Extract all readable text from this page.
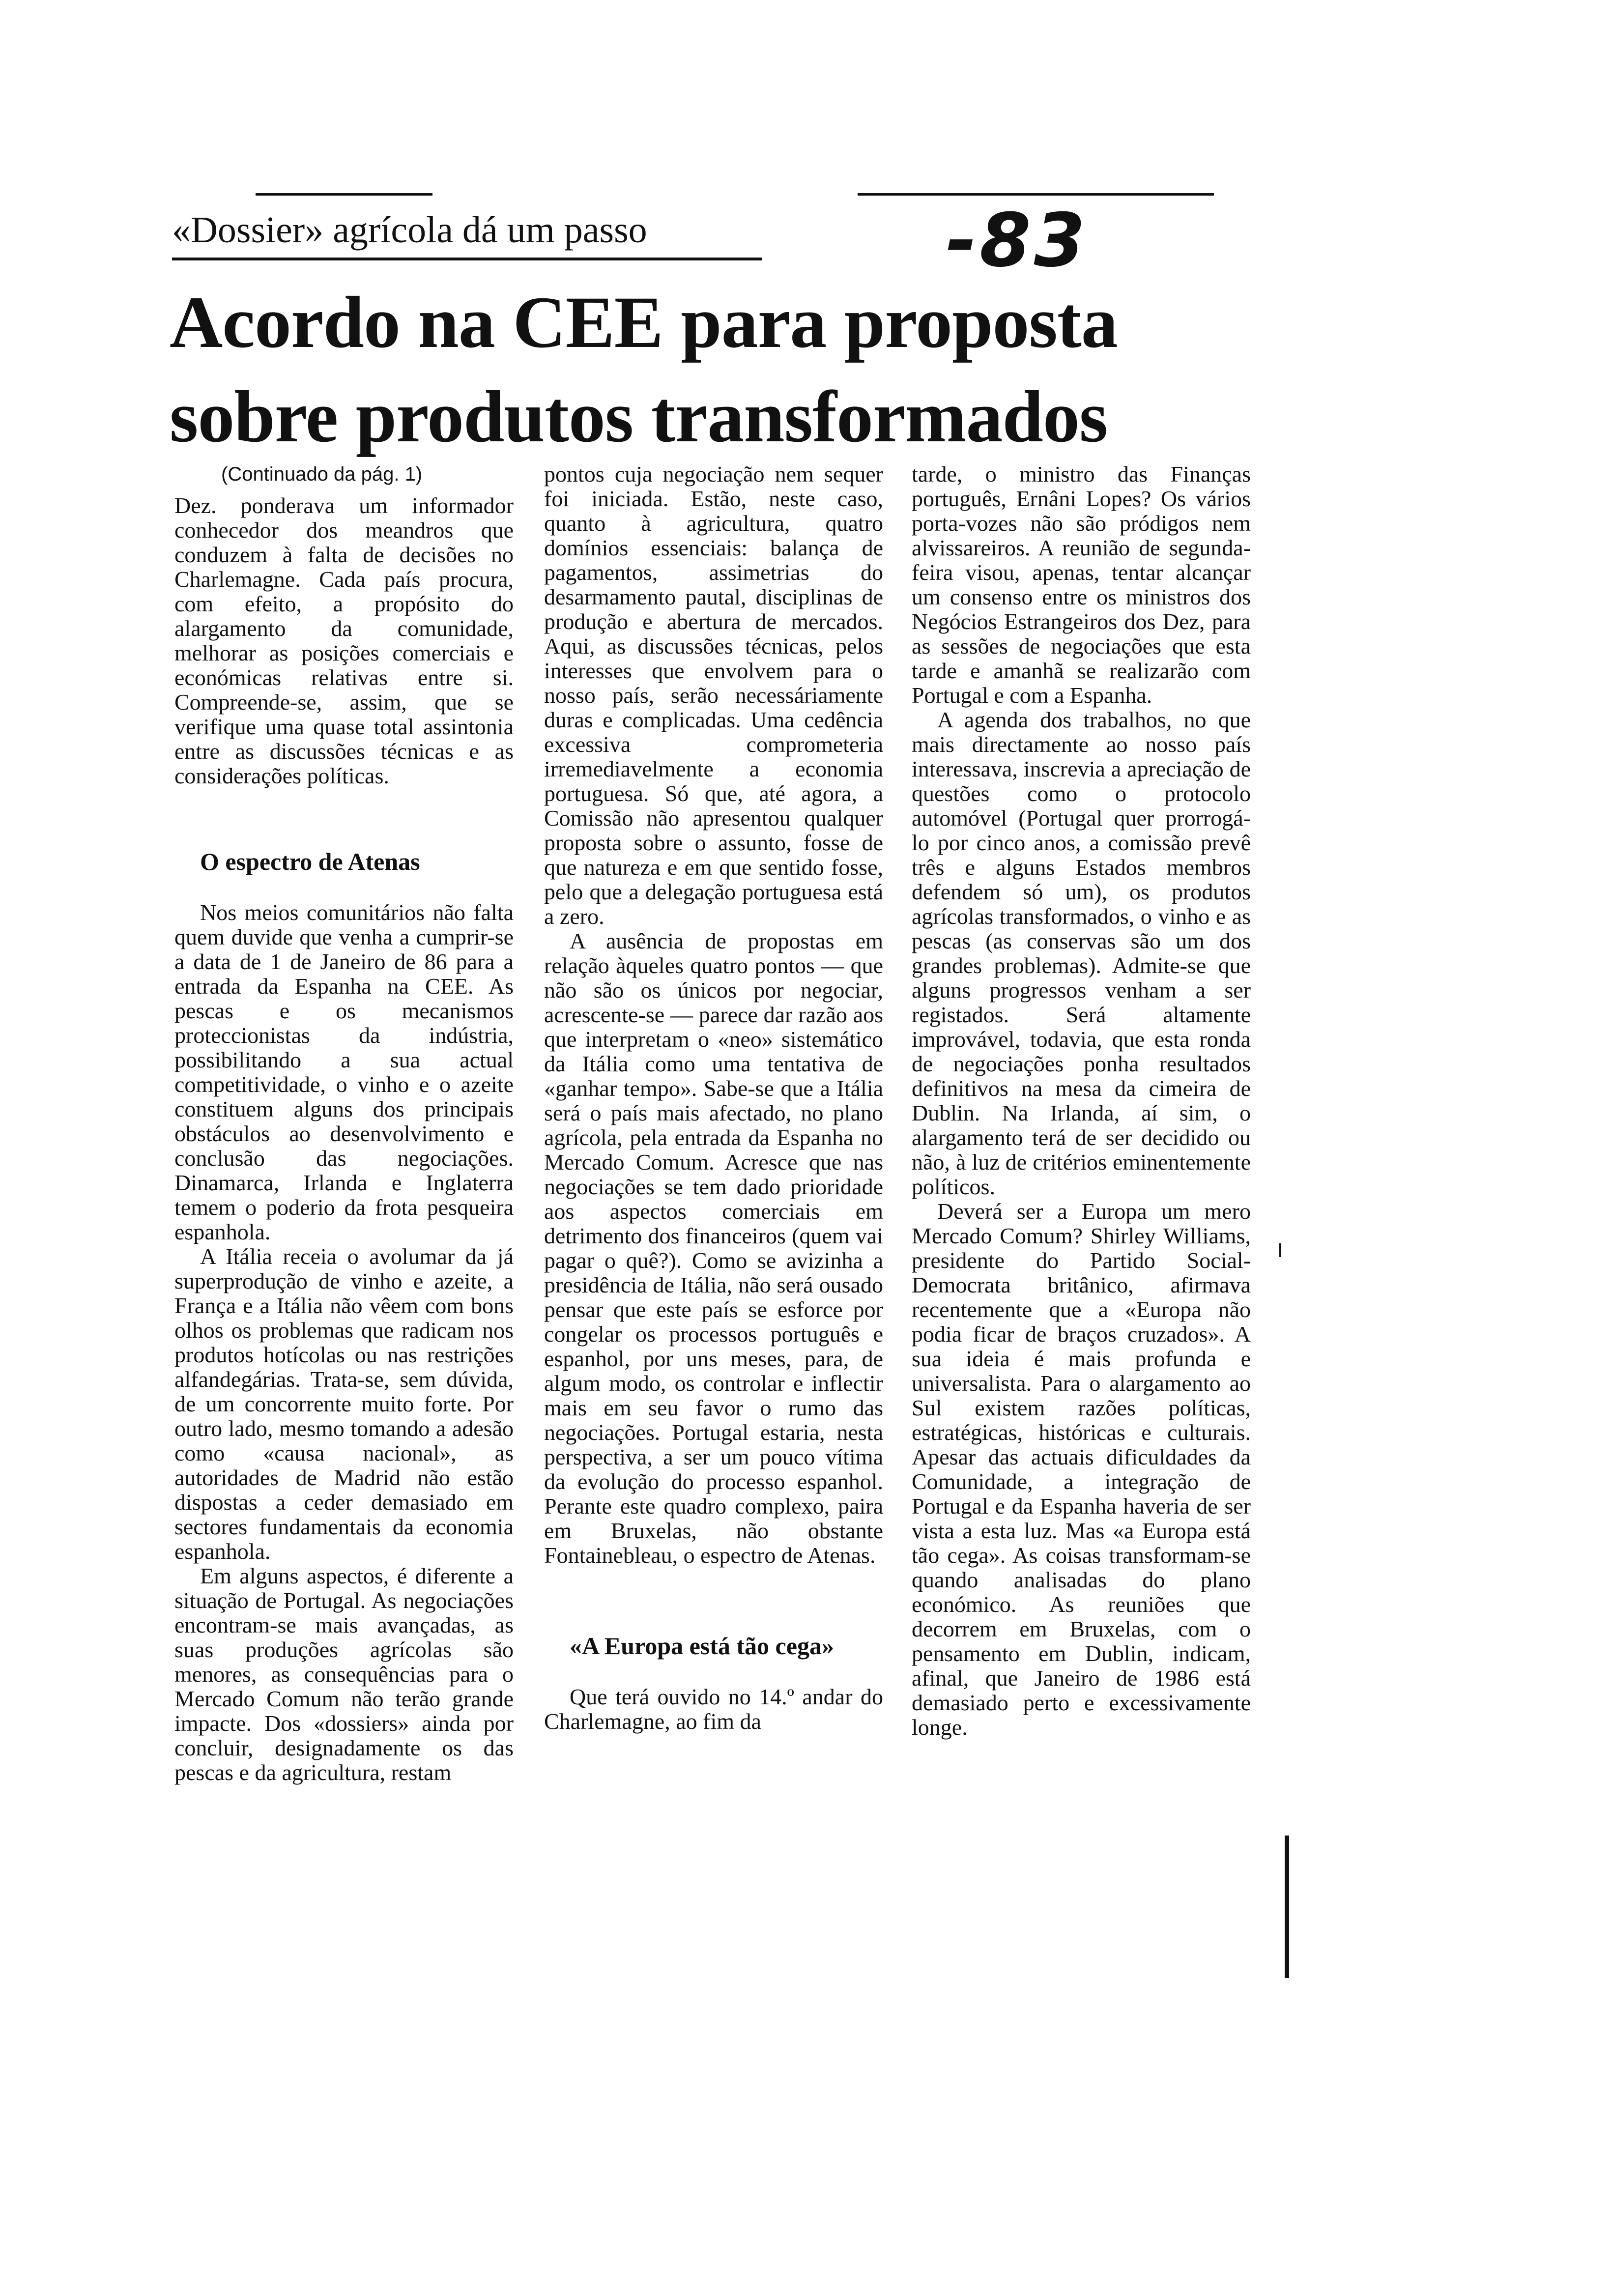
«Dossier» agrícola dá um passo	-83
Acordo na CEE para proposta
sobre produtos transformados
(Continuado da pág. 1)

Dez. ponderava um informador conhecedor dos meandros que conduzem à falta de decisões no Charlemagne. Cada país procura, com efeito, a propósito do alargamento da comunidade, melhorar as posições comerciais e económicas relativas entre si. Compreende-se, assim, que se verifique uma quase total assintonia entre as discussões técnicas e as considerações políticas.

O espectro de Atenas

Nos meios comunitários não falta quem duvide que venha a cumprir-se a data de 1 de Janeiro de 86 para a entrada da Espanha na CEE. As pescas e os mecanismos proteccionistas da indústria, possibilitando a sua actual competitividade, o vinho e o azeite constituem alguns dos principais obstáculos ao desenvolvimento e conclusão das negociações. Dinamarca, Irlanda e Inglaterra temem o poderio da frota pesqueira espanhola.

A Itália receia o avolumar da já superprodução de vinho e azeite, a França e a Itália não vêem com bons olhos os problemas que radicam nos produtos hotícolas ou nas restrições alfandegárias. Trata-se, sem dúvida, de um concorrente muito forte. Por outro lado, mesmo tomando a adesão como «causa nacional», as autoridades de Madrid não estão dispostas a ceder demasiado em sectores fundamentais da economia espanhola.

Em alguns aspectos, é diferente a situação de Portugal. As negociações encontram-se mais avançadas, as suas produções agrícolas são menores, as consequências para o Mercado Comum não terão grande impacte. Dos «dossiers» ainda por concluir, designadamente os das pescas e da agricultura, restam

pontos cuja negociação nem sequer foi iniciada. Estão, neste caso, quanto à agricultura, quatro domínios essenciais: balança de pagamentos, assimetrias do desarmamento pautal, disciplinas de produção e abertura de mercados. Aqui, as discussões técnicas, pelos interesses que envolvem para o nosso país, serão necessáriamente duras e complicadas. Uma cedência excessiva comprometeria irremediavelmente a economia portuguesa. Só que, até agora, a Comissão não apresentou qualquer proposta sobre o assunto, fosse de que natureza e em que sentido fosse, pelo que a delegação portuguesa está a zero.

A ausência de propostas em relação àqueles quatro pontos — que não são os únicos por negociar, acrescente-se — parece dar razão aos que interpretam o «neo» sistemático da Itália como uma tentativa de «ganhar tempo». Sabe-se que a Itália será o país mais afectado, no plano agrícola, pela entrada da Espanha no Mercado Comum. Acresce que nas negociações se tem dado prioridade aos aspectos comerciais em detrimento dos financeiros (quem vai pagar o quê?). Como se avizinha a presidência de Itália, não será ousado pensar que este país se esforce por congelar os processos português e espanhol, por uns meses, para, de algum modo, os controlar e inflectir mais em seu favor o rumo das negociações. Portugal estaria, nesta perspectiva, a ser um pouco vítima da evolução do processo espanhol. Perante este quadro complexo, paira em Bruxelas, não obstante Fontainebleau, o espectro de Atenas.

«A Europa está tão cega»

Que terá ouvido no 14.º andar do Charlemagne, ao fim da

tarde, o ministro das Finanças português, Ernâni Lopes? Os vários porta-vozes não são pródigos nem alvissareiros. A reunião de segunda-feira visou, apenas, tentar alcançar um consenso entre os ministros dos Negócios Estrangeiros dos Dez, para as sessões de negociações que esta tarde e amanhã se realizarão com Portugal e com a Espanha.

A agenda dos trabalhos, no que mais directamente ao nosso país interessava, inscrevia a apreciação de questões como o protocolo automóvel (Portugal quer prorrogá-lo por cinco anos, a comissão prevê três e alguns Estados membros defendem só um), os produtos agrícolas transformados, o vinho e as pescas (as conservas são um dos grandes problemas). Admite-se que alguns progressos venham a ser registados. Será altamente improvável, todavia, que esta ronda de negociações ponha resultados definitivos na mesa da cimeira de Dublin. Na Irlanda, aí sim, o alargamento terá de ser decidido ou não, à luz de critérios eminentemente políticos.

Deverá ser a Europa um mero Mercado Comum? Shirley Williams, presidente do Partido Social-Democrata britânico, afirmava recentemente que a «Europa não podia ficar de braços cruzados». A sua ideia é mais profunda e universalista. Para o alargamento ao Sul existem razões políticas, estratégicas, históricas e culturais. Apesar das actuais dificuldades da Comunidade, a integração de Portugal e da Espanha haveria de ser vista a esta luz. Mas «a Europa está tão cega». As coisas transformam-se quando analisadas do plano económico. As reuniões que decorrem em Bruxelas, com o pensamento em Dublin, indicam, afinal, que Janeiro de 1986 está demasiado perto e excessivamente longe.
